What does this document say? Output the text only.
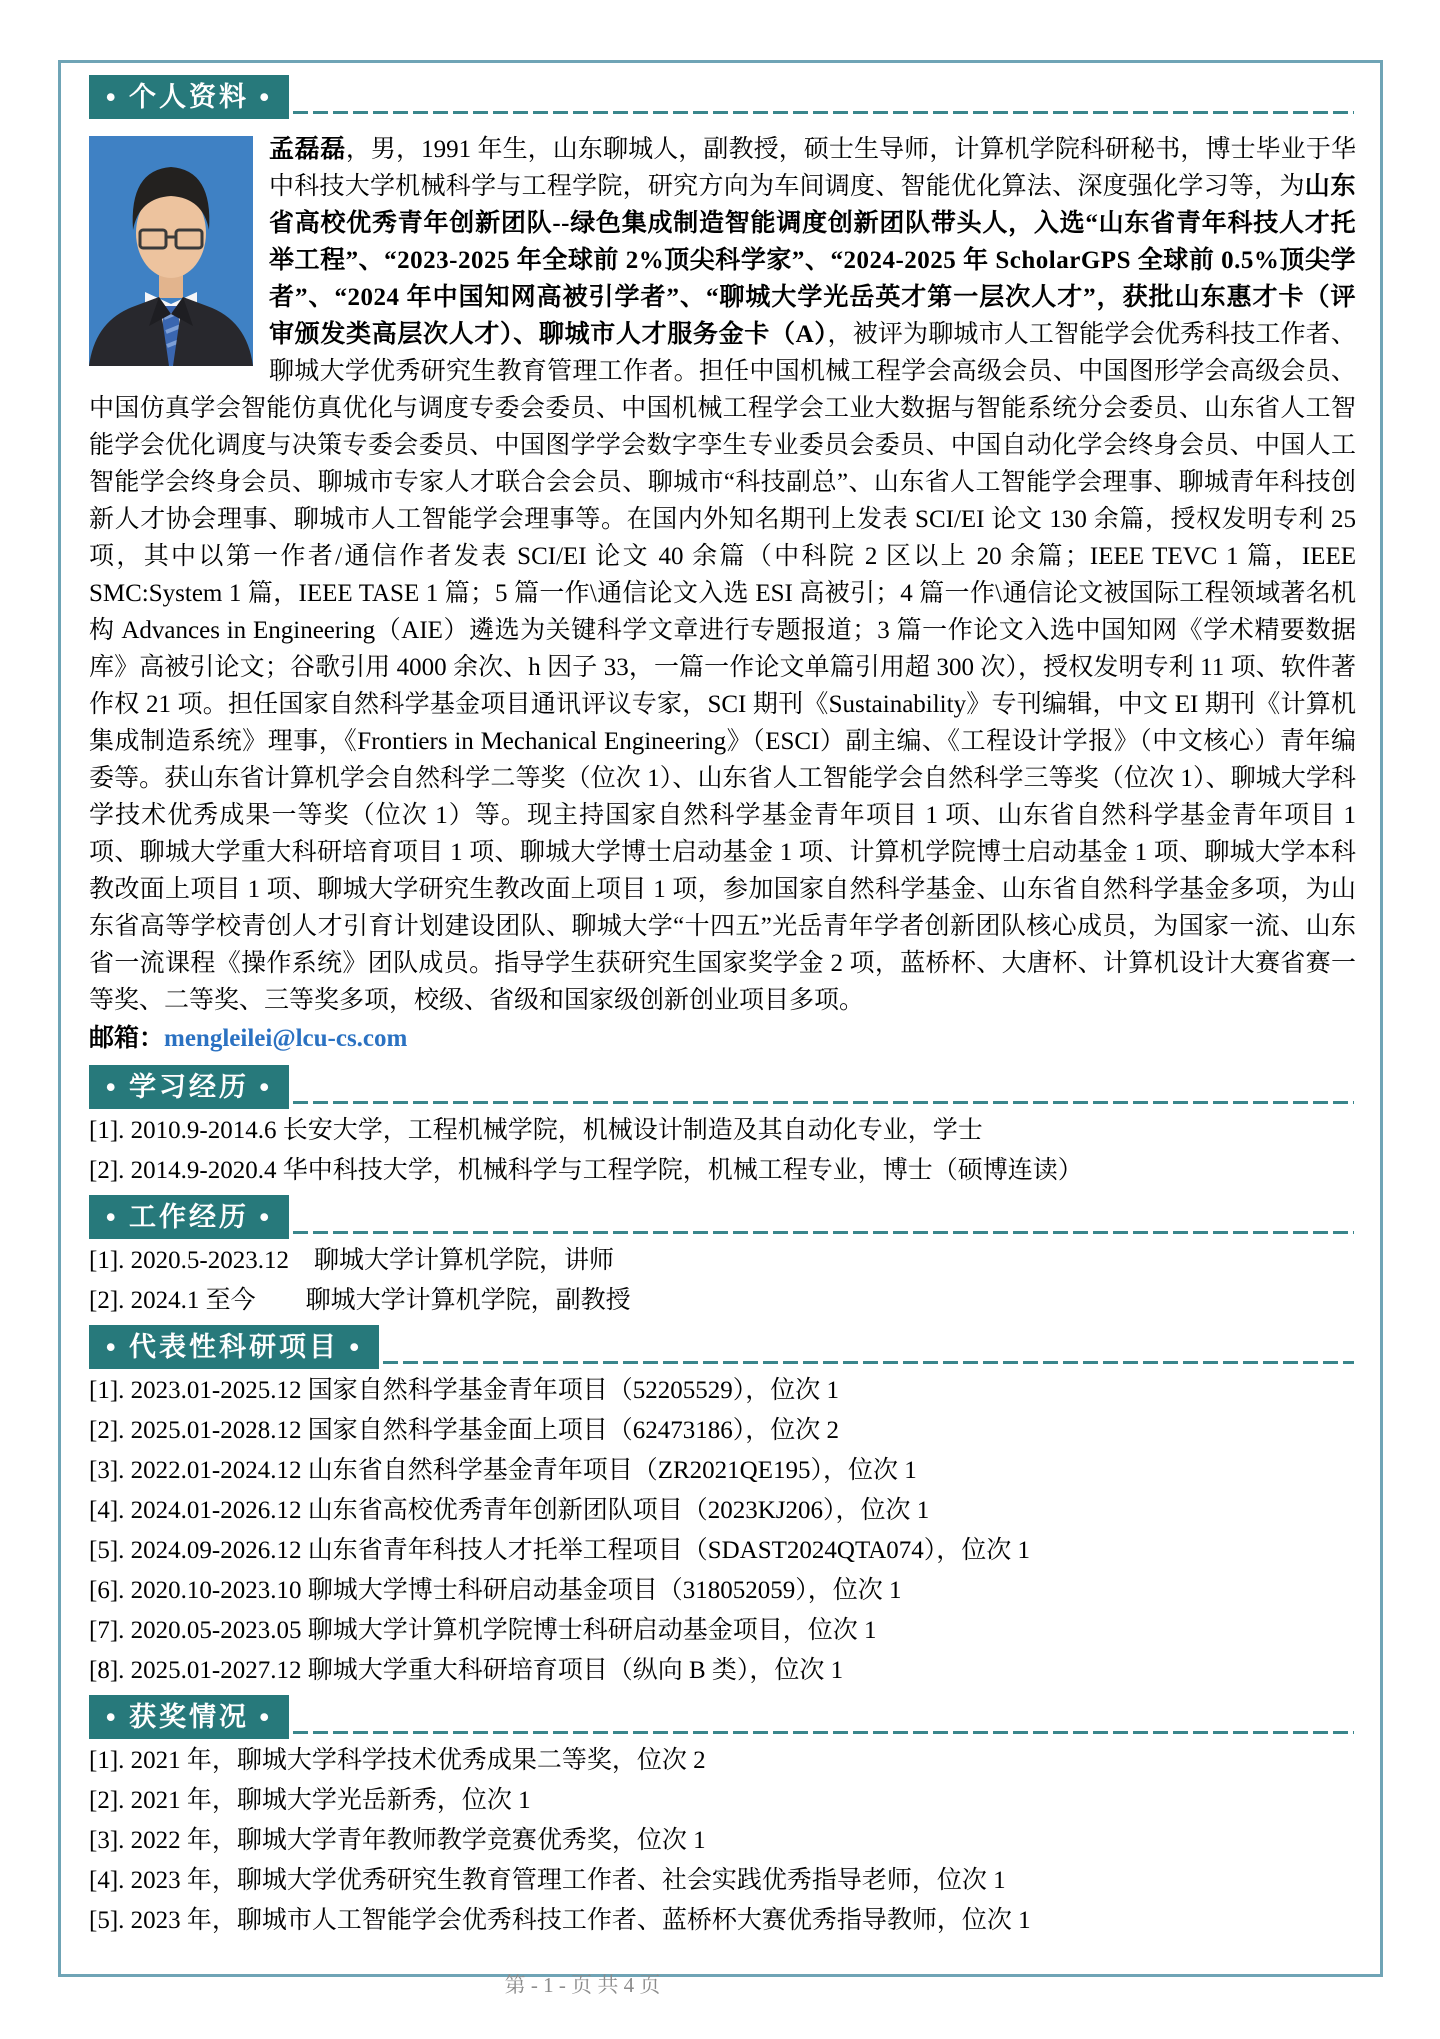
• 个人资料 •

孟磊磊，男，1991 年生，山东聊城人，副教授，硕士生导师，计算机学院科研秘书，博士毕业于华中科技大学机械科学与工程学院，研究方向为车间调度、智能优化算法、深度强化学习等，为山东省高校优秀青年创新团队--绿色集成制造智能调度创新团队带头人，入选“山东省青年科技人才托举工程”、“2023-2025 年全球前 2%顶尖科学家”、“2024-2025 年 ScholarGPS 全球前 0.5%顶尖学者”、“2024 年中国知网高被引学者”、“聊城大学光岳英才第一层次人才”，获批山东惠才卡（评审颁发类高层次人才）、聊城市人才服务金卡（A），被评为聊城市人工智能学会优秀科技工作者、聊城大学优秀研究生教育管理工作者。担任中国机械工程学会高级会员、中国图形学会高级会员、中国仿真学会智能仿真优化与调度专委会委员、中国机械工程学会工业大数据与智能系统分会委员、山东省人工智能学会优化调度与决策专委会委员、中国图学学会数字孪生专业委员会委员、中国自动化学会终身会员、中国人工智能学会终身会员、聊城市专家人才联合会会员、聊城市“科技副总”、山东省人工智能学会理事、聊城青年科技创新人才协会理事、聊城市人工智能学会理事等。在国内外知名期刊上发表 SCI/EI 论文 130 余篇，授权发明专利 25 项，其中以第一作者/通信作者发表 SCI/EI 论文 40 余篇（中科院 2 区以上 20 余篇；IEEE TEVC 1 篇，IEEE SMC:System 1 篇，IEEE TASE 1 篇；5 篇一作\通信论文入选 ESI 高被引；4 篇一作\通信论文被国际工程领域著名机构 Advances in Engineering（AIE）遴选为关键科学文章进行专题报道；3 篇一作论文入选中国知网《学术精要数据库》高被引论文；谷歌引用 4000 余次、h 因子 33，一篇一作论文单篇引用超 300 次），授权发明专利 11 项、软件著作权 21 项。担任国家自然科学基金项目通讯评议专家，SCI 期刊《Sustainability》专刊编辑，中文 EI 期刊《计算机集成制造系统》理事，《Frontiers in Mechanical Engineering》（ESCI）副主编、《工程设计学报》（中文核心）青年编委等。获山东省计算机学会自然科学二等奖（位次 1）、山东省人工智能学会自然科学三等奖（位次 1）、聊城大学科学技术优秀成果一等奖（位次 1）等。现主持国家自然科学基金青年项目 1 项、山东省自然科学基金青年项目 1 项、聊城大学重大科研培育项目 1 项、聊城大学博士启动基金 1 项、计算机学院博士启动基金 1 项、聊城大学本科教改面上项目 1 项、聊城大学研究生教改面上项目 1 项，参加国家自然科学基金、山东省自然科学基金多项，为山东省高等学校青创人才引育计划建设团队、聊城大学“十四五”光岳青年学者创新团队核心成员，为国家一流、山东省一流课程《操作系统》团队成员。指导学生获研究生国家奖学金 2 项，蓝桥杯、大唐杯、计算机设计大赛省赛一等奖、二等奖、三等奖多项，校级、省级和国家级创新创业项目多项。

邮箱：mengleilei@lcu-cs.com
• 学习经历 •
[1]. 2010.9-2014.6 长安大学，工程机械学院，机械设计制造及其自动化专业，学士
[2]. 2014.9-2020.4 华中科技大学，机械科学与工程学院，机械工程专业，博士（硕博连读）
• 工作经历 •
[1]. 2020.5-2023.12　聊城大学计算机学院，讲师
[2]. 2024.1 至今　　聊城大学计算机学院，副教授
• 代表性科研项目 •
[1]. 2023.01-2025.12 国家自然科学基金青年项目（52205529），位次 1
[2]. 2025.01-2028.12 国家自然科学基金面上项目（62473186），位次 2
[3]. 2022.01-2024.12 山东省自然科学基金青年项目（ZR2021QE195），位次 1
[4]. 2024.01-2026.12 山东省高校优秀青年创新团队项目（2023KJ206），位次 1
[5]. 2024.09-2026.12 山东省青年科技人才托举工程项目（SDAST2024QTA074），位次 1
[6]. 2020.10-2023.10 聊城大学博士科研启动基金项目（318052059），位次 1
[7]. 2020.05-2023.05 聊城大学计算机学院博士科研启动基金项目，位次 1
[8]. 2025.01-2027.12 聊城大学重大科研培育项目（纵向 B 类），位次 1
• 获奖情况 •
[1]. 2021 年，聊城大学科学技术优秀成果二等奖，位次 2
[2]. 2021 年，聊城大学光岳新秀，位次 1
[3]. 2022 年，聊城大学青年教师教学竞赛优秀奖，位次 1
[4]. 2023 年，聊城大学优秀研究生教育管理工作者、社会实践优秀指导老师，位次 1
[5]. 2023 年，聊城市人工智能学会优秀科技工作者、蓝桥杯大赛优秀指导教师，位次 1
第 - 1 - 页 共 4 页
